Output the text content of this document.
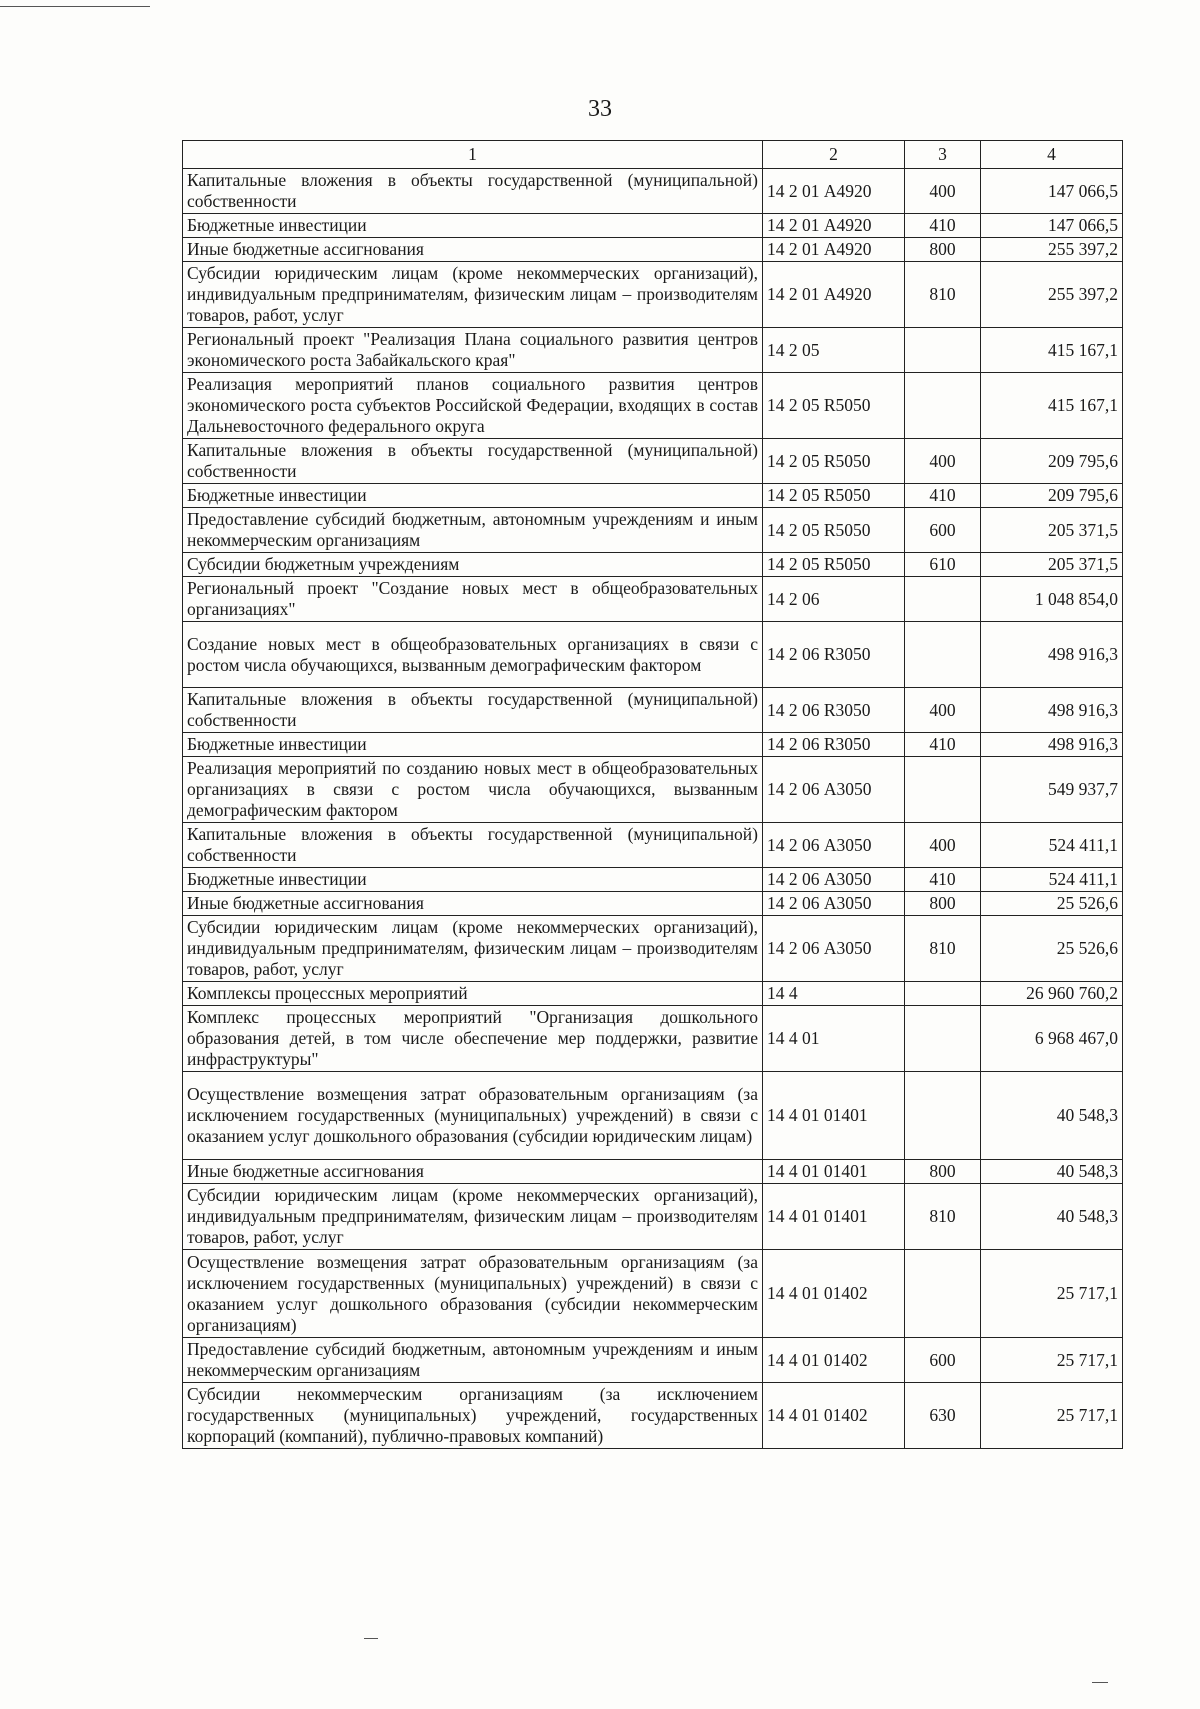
33
1	2	3	4
Капитальные вложения в объекты государственной (муниципальной) собственности	14 2 01 А4920	400	147 066,5
Бюджетные инвестиции	14 2 01 А4920	410	147 066,5
Иные бюджетные ассигнования	14 2 01 А4920	800	255 397,2
Субсидии юридическим лицам (кроме некоммерческих организаций), индивидуальным предпринимателям, физическим лицам – производителям товаров, работ, услуг	14 2 01 А4920	810	255 397,2
Региональный проект "Реализация Плана социального развития центров экономического роста Забайкальского края"	14 2 05		415 167,1
Реализация мероприятий планов социального развития центров экономического роста субъектов Российской Федерации, входящих в состав Дальневосточного федерального округа	14 2 05 R5050		415 167,1
Капитальные вложения в объекты государственной (муниципальной) собственности	14 2 05 R5050	400	209 795,6
Бюджетные инвестиции	14 2 05 R5050	410	209 795,6
Предоставление субсидий бюджетным, автономным учреждениям и иным некоммерческим организациям	14 2 05 R5050	600	205 371,5
Субсидии бюджетным учреждениям	14 2 05 R5050	610	205 371,5
Региональный проект "Создание новых мест в общеобразовательных организациях"	14 2 06		1 048 854,0
Создание новых мест в общеобразовательных организациях в связи с ростом числа обучающихся, вызванным демографическим фактором	14 2 06 R3050		498 916,3
Капитальные вложения в объекты государственной (муниципальной) собственности	14 2 06 R3050	400	498 916,3
Бюджетные инвестиции	14 2 06 R3050	410	498 916,3
Реализация мероприятий по созданию новых мест в общеобразовательных организациях в связи с ростом числа обучающихся, вызванным демографическим фактором	14 2 06 А3050		549 937,7
Капитальные вложения в объекты государственной (муниципальной) собственности	14 2 06 А3050	400	524 411,1
Бюджетные инвестиции	14 2 06 А3050	410	524 411,1
Иные бюджетные ассигнования	14 2 06 А3050	800	25 526,6
Субсидии юридическим лицам (кроме некоммерческих организаций), индивидуальным предпринимателям, физическим лицам – производителям товаров, работ, услуг	14 2 06 А3050	810	25 526,6
Комплексы процессных мероприятий	14 4		26 960 760,2
Комплекс процессных мероприятий "Организация дошкольного образования детей, в том числе обеспечение мер поддержки, развитие инфраструктуры"	14 4 01		6 968 467,0
Осуществление возмещения затрат образовательным организациям (за исключением государственных (муниципальных) учреждений) в связи с оказанием услуг дошкольного образования (субсидии юридическим лицам)	14 4 01 01401		40 548,3
Иные бюджетные ассигнования	14 4 01 01401	800	40 548,3
Субсидии юридическим лицам (кроме некоммерческих организаций), индивидуальным предпринимателям, физическим лицам – производителям товаров, работ, услуг	14 4 01 01401	810	40 548,3
Осуществление возмещения затрат образовательным организациям (за исключением государственных (муниципальных) учреждений) в связи с оказанием услуг дошкольного образования (субсидии некоммерческим организациям)	14 4 01 01402		25 717,1
Предоставление субсидий бюджетным, автономным учреждениям и иным некоммерческим организациям	14 4 01 01402	600	25 717,1
Субсидии некоммерческим организациям (за исключением государственных (муниципальных) учреждений, государственных корпораций (компаний), публично-правовых компаний)	14 4 01 01402	630	25 717,1
